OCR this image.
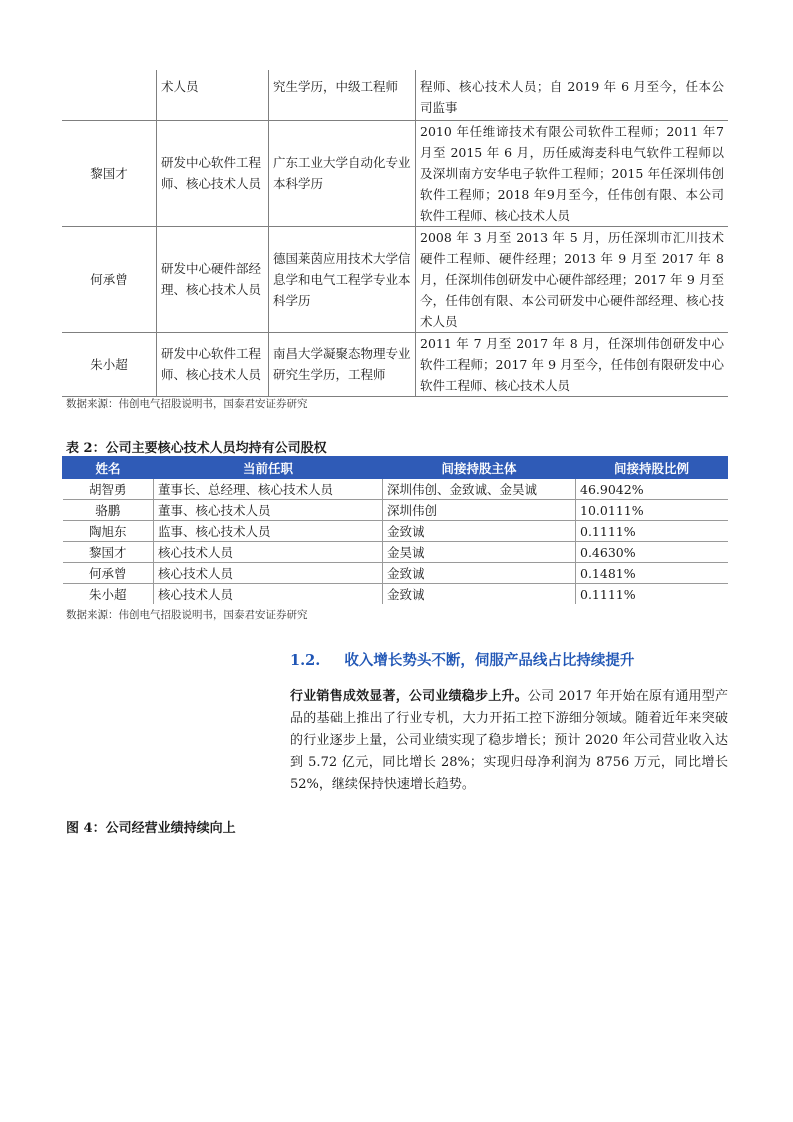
	术人员	究生学历，中级工程师	程师、核心技术人员；自 2019 年 6 月至今，任本公司监事
黎国才	研发中心软件工程师、核心技术人员	广东工业大学自动化专业本科学历	2010 年任维谛技术有限公司软件工程师；2011 年7月至 2015 年 6 月，历任威海麦科电气软件工程师以及深圳南方安华电子软件工程师；2015 年任深圳伟创软件工程师；2018 年9月至今，任伟创有限、本公司软件工程师、核心技术人员
何承曾	研发中心硬件部经理、核心技术人员	德国莱茵应用技术大学信息学和电气工程学专业本科学历	2008 年 3 月至 2013 年 5 月，历任深圳市汇川技术硬件工程师、硬件经理；2013 年 9 月至 2017 年 8 月，任深圳伟创研发中心硬件部经理；2017 年 9 月至今，任伟创有限、本公司研发中心硬件部经理、核心技术人员
朱小超	研发中心软件工程师、核心技术人员	南昌大学凝聚态物理专业研究生学历，工程师	2011 年 7 月至 2017 年 8 月，任深圳伟创研发中心软件工程师；2017 年 9 月至今，任伟创有限研发中心软件工程师、核心技术人员
数据来源：伟创电气招股说明书，国泰君安证券研究
表 2：公司主要核心技术人员均持有公司股权
姓名	当前任职	间接持股主体	间接持股比例
胡智勇	董事长、总经理、核心技术人员	深圳伟创、金致诚、金昊诚	46.9042%
骆鹏	董事、核心技术人员	深圳伟创	10.0111%
陶旭东	监事、核心技术人员	金致诚	0.1111%
黎国才	核心技术人员	金昊诚	0.4630%
何承曾	核心技术人员	金致诚	0.1481%
朱小超	核心技术人员	金致诚	0.1111%
数据来源：伟创电气招股说明书，国泰君安证券研究
1.2. 收入增长势头不断，伺服产品线占比持续提升
行业销售成效显著，公司业绩稳步上升。公司 2017 年开始在原有通用型产品的基础上推出了行业专机，大力开拓工控下游细分领域。随着近年来突破的行业逐步上量，公司业绩实现了稳步增长；预计 2020 年公司营业收入达到 5.72 亿元，同比增长 28%；实现归母净利润为 8756 万元，同比增长 52%，继续保持快速增长趋势。
图 4：公司经营业绩持续向上
